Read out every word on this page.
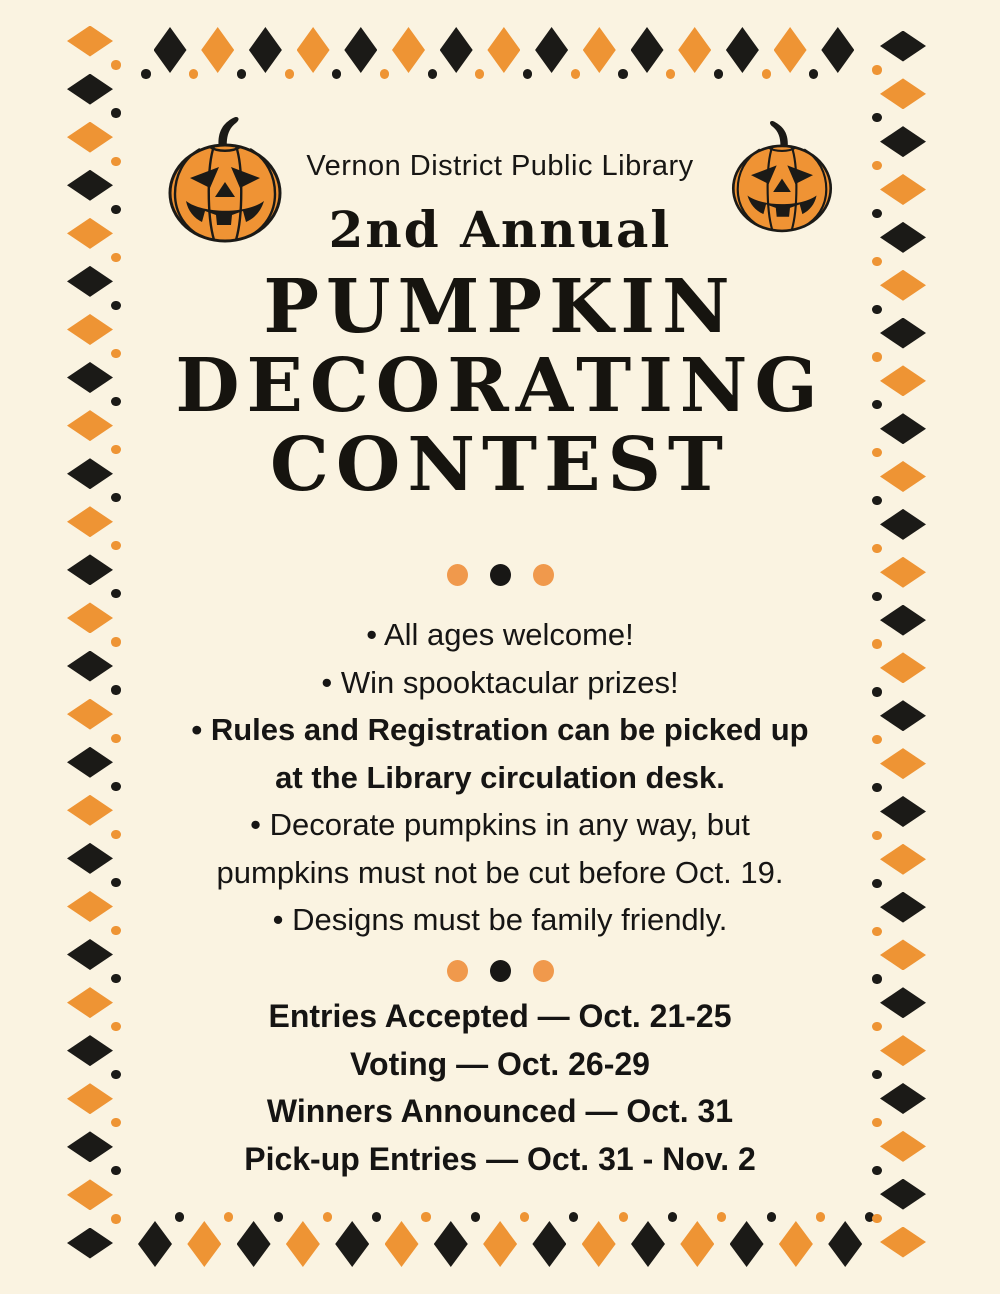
Vernon District Public Library
2nd Annual
PUMPKIN
DECORATING
CONTEST
• All ages welcome!
• Win spooktacular prizes!
• Rules and Registration can be picked up
at the Library circulation desk.
• Decorate pumpkins in any way, but
pumpkins must not be cut before Oct. 19.
• Designs must be family friendly.
Entries Accepted — Oct. 21-25
Voting — Oct. 26-29
Winners Announced — Oct. 31
Pick-up Entries — Oct. 31 - Nov. 2
